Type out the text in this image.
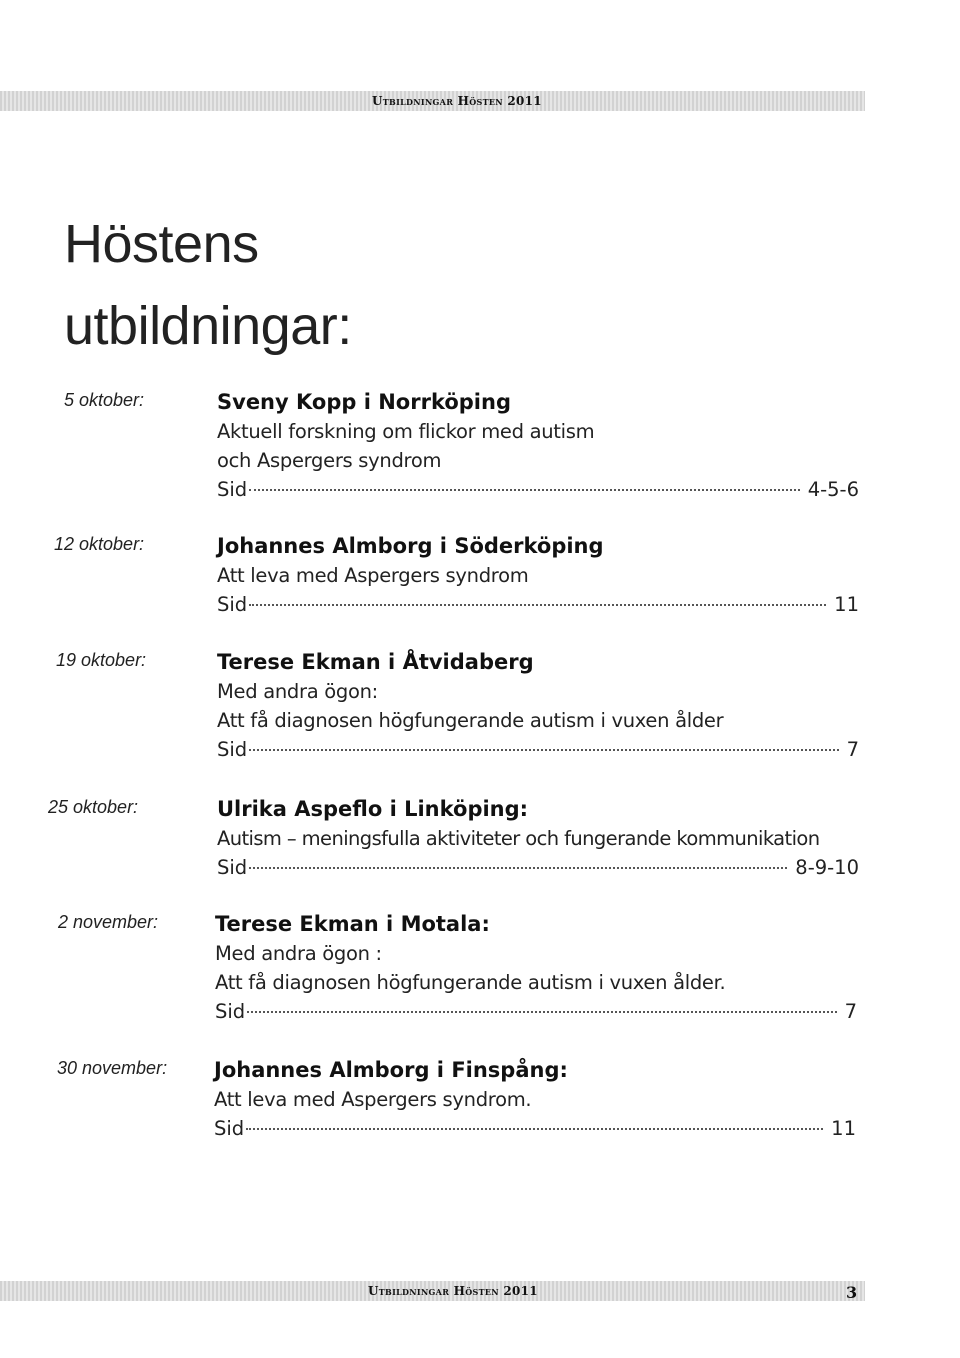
Utbildningar Hösten 2011
Höstens
utbildningar:
5 oktober:	Sveny Kopp i Norrköping
Aktuell forskning om flickor med autism
och Aspergers syndrom
Sid	4-5-6
12 oktober:	Johannes Almborg i Söderköping
Att leva med Aspergers syndrom
Sid	11
19 oktober:	Terese Ekman i Åtvidaberg
Med andra ögon:
Att få diagnosen högfungerande autism i vuxen ålder
Sid	7
25 oktober:	Ulrika Aspeflo i Linköping:
Autism – meningsfulla aktiviteter och fungerande kommunikation
Sid	8-9-10
2 november:	Terese Ekman i Motala:
Med andra ögon :
Att få diagnosen högfungerande autism i vuxen ålder.
Sid	7
30 november: Johannes Almborg i Finspång:
Att leva med Aspergers syndrom.
Sid	11
Utbildningar Hösten 2011	3
